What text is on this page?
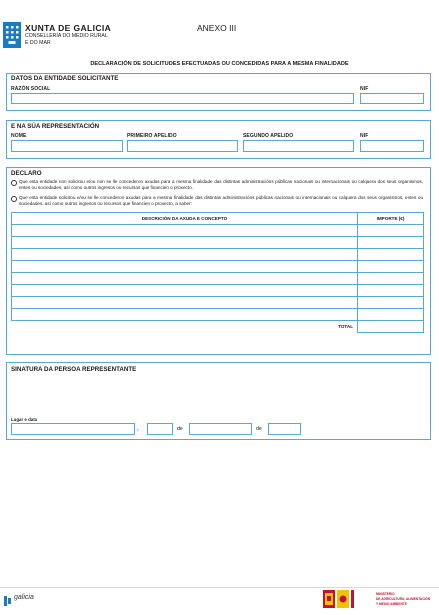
XUNTA DE GALICIA
CONSELLERÍA DO MEDIO RURAL
E DO MAR
ANEXO III
DECLARACIÓN DE SOLICITUDES EFECTUADAS OU CONCEDIDAS PARA A MESMA FINALIDADE
DATOS DA ENTIDADE SOLICITANTE
RAZÓN SOCIAL	NIF
E NA SÚA REPRESENTACIÓN
NOME	PRIMEIRO APELIDO	SEGUNDO APELIDO	NIF
DECLARO
Que esta entidade non solicitou e/ou non se lle concederon axudas para a mesma finalidade das distintas administracións públicas nacionais ou internacionais ou calquera dos seus organismos, entes ou sociedades, así como outros ingresos ou recursos que financien o proxecto.
Que esta entidade solicitou e/ou se lle concederon axudas para a mesma finalidade das distintas administracións públicas nacionais ou internacionais ou calquera dos seus organismos, entes ou sociedades, así como outros ingresos ou recursos que financien o proxecto, a saber:
DESCRICIÓN DA AXUDA E CONCEPTO	IMPORTE (€)

TOTAL	
SINATURA DA PERSOA REPRESENTANTE
Lugar e data
,	de	de
galicia	MINISTERIO
DE AGRICULTURA, ALIMENTACIÓN
Y MEDIO AMBIENTE
